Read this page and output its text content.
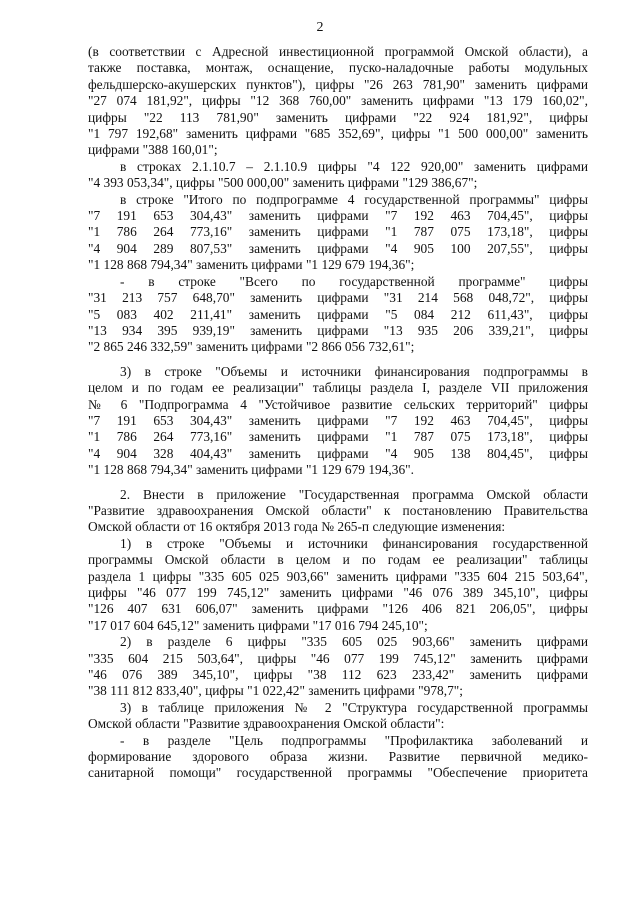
2
(в соответствии с Адресной инвестиционной программой Омской области), а
также поставка, монтаж, оснащение, пуско-наладочные работы модульных
фельдшерско-акушерских пунктов"), цифры "26 263 781,90" заменить цифрами
"27 074 181,92", цифры "12 368 760,00" заменить цифрами "13 179 160,02",
цифры "22 113 781,90" заменить цифрами "22 924 181,92", цифры
"1 797 192,68" заменить цифрами "685 352,69", цифры "1 500 000,00" заменить
цифрами "388 160,01";
в строках 2.1.10.7 – 2.1.10.9 цифры "4 122 920,00" заменить цифрами
"4 393 053,34", цифры "500 000,00" заменить цифрами "129 386,67";
в строке "Итого по подпрограмме 4 государственной программы" цифры
"7 191 653 304,43" заменить цифрами "7 192 463 704,45", цифры
"1 786 264 773,16" заменить цифрами "1 787 075 173,18", цифры
"4 904 289 807,53" заменить цифрами "4 905 100 207,55", цифры
"1 128 868 794,34" заменить цифрами "1 129 679 194,36";
- в строке "Всего по государственной программе" цифры
"31 213 757 648,70" заменить цифрами "31 214 568 048,72", цифры
"5 083 402 211,41" заменить цифрами "5 084 212 611,43", цифры
"13 934 395 939,19" заменить цифрами "13 935 206 339,21", цифры
"2 865 246 332,59" заменить цифрами "2 866 056 732,61";
3) в строке "Объемы и источники финансирования подпрограммы в
целом и по годам ее реализации" таблицы раздела I, разделе VII приложения
№ 6 "Подпрограмма 4 "Устойчивое развитие сельских территорий" цифры
"7 191 653 304,43" заменить цифрами "7 192 463 704,45", цифры
"1 786 264 773,16" заменить цифрами "1 787 075 173,18", цифры
"4 904 328 404,43" заменить цифрами "4 905 138 804,45", цифры
"1 128 868 794,34" заменить цифрами "1 129 679 194,36".
2. Внести в приложение "Государственная программа Омской области
"Развитие здравоохранения Омской области" к постановлению Правительства
Омской области от 16 октября 2013 года № 265-п следующие изменения:
1) в строке "Объемы и источники финансирования государственной
программы Омской области в целом и по годам ее реализации" таблицы
раздела 1 цифры "335 605 025 903,66" заменить цифрами "335 604 215 503,64",
цифры "46 077 199 745,12" заменить цифрами "46 076 389 345,10", цифры
"126 407 631 606,07" заменить цифрами "126 406 821 206,05", цифры
"17 017 604 645,12" заменить цифрами "17 016 794 245,10";
2) в разделе 6 цифры "335 605 025 903,66" заменить цифрами
"335 604 215 503,64", цифры "46 077 199 745,12" заменить цифрами
"46 076 389 345,10", цифры "38 112 623 233,42" заменить цифрами
"38 111 812 833,40", цифры "1 022,42" заменить цифрами "978,7";
3) в таблице приложения № 2 "Структура государственной программы
Омской области "Развитие здравоохранения Омской области":
- в разделе "Цель подпрограммы "Профилактика заболеваний и
формирование здорового образа жизни. Развитие первичной медико-
санитарной помощи" государственной программы "Обеспечение приоритета
